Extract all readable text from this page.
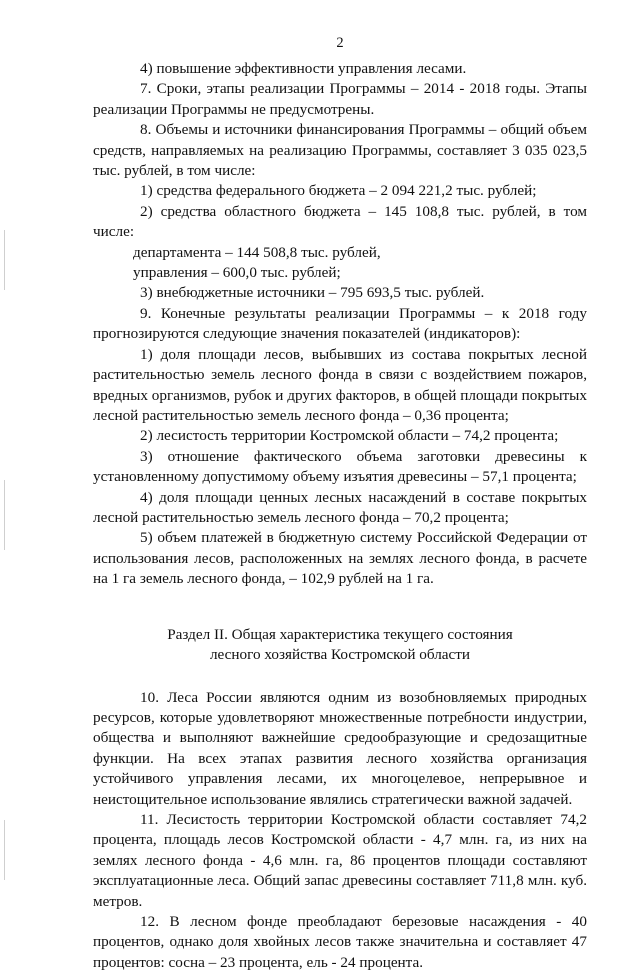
2

4) повышение эффективности управления лесами.

7. Сроки, этапы реализации Программы – 2014 - 2018 годы. Этапы реализации Программы не предусмотрены.

8. Объемы и источники финансирования Программы – общий объем средств, направляемых на реализацию Программы, составляет 3 035 023,5 тыс. рублей, в том числе:

1) средства федерального бюджета – 2 094 221,2 тыс. рублей;

2) средства областного бюджета – 145 108,8 тыс. рублей, в том числе:

департамента – 144 508,8 тыс. рублей,

управления – 600,0 тыс. рублей;

3) внебюджетные источники – 795 693,5 тыс. рублей.

9. Конечные результаты реализации Программы – к 2018 году прогнозируются следующие значения показателей (индикаторов):

1) доля площади лесов, выбывших из состава покрытых лесной растительностью земель лесного фонда в связи с воздействием пожаров, вредных организмов, рубок и других факторов, в общей площади покрытых лесной растительностью земель лесного фонда – 0,36 процента;

2) лесистость территории Костромской области – 74,2 процента;

3) отношение фактического объема заготовки древесины к установленному допустимому объему изъятия древесины – 57,1 процента;

4) доля площади ценных лесных насаждений в составе покрытых лесной растительностью земель лесного фонда – 70,2 процента;

5) объем платежей в бюджетную систему Российской Федерации от использования лесов, расположенных на землях лесного фонда, в расчете на 1 га земель лесного фонда, – 102,9 рублей на 1 га.

Раздел II. Общая характеристика текущего состояния
лесного хозяйства Костромской области

10. Леса России являются одним из возобновляемых природных ресурсов, которые удовлетворяют множественные потребности индустрии, общества и выполняют важнейшие средообразующие и средозащитные функции. На всех этапах развития лесного хозяйства организация устойчивого управления лесами, их многоцелевое, непрерывное и неистощительное использование являлись стратегически важной задачей.

11. Лесистость территории Костромской области составляет 74,2 процента, площадь лесов Костромской области - 4,7 млн. га, из них на землях лесного фонда - 4,6 млн. га, 86 процентов площади составляют эксплуатационные леса. Общий запас древесины составляет 711,8 млн. куб. метров.

12. В лесном фонде преобладают березовые насаждения - 40 процентов, однако доля хвойных лесов также значительна и составляет 47 процентов: сосна – 23 процента, ель - 24 процента.
